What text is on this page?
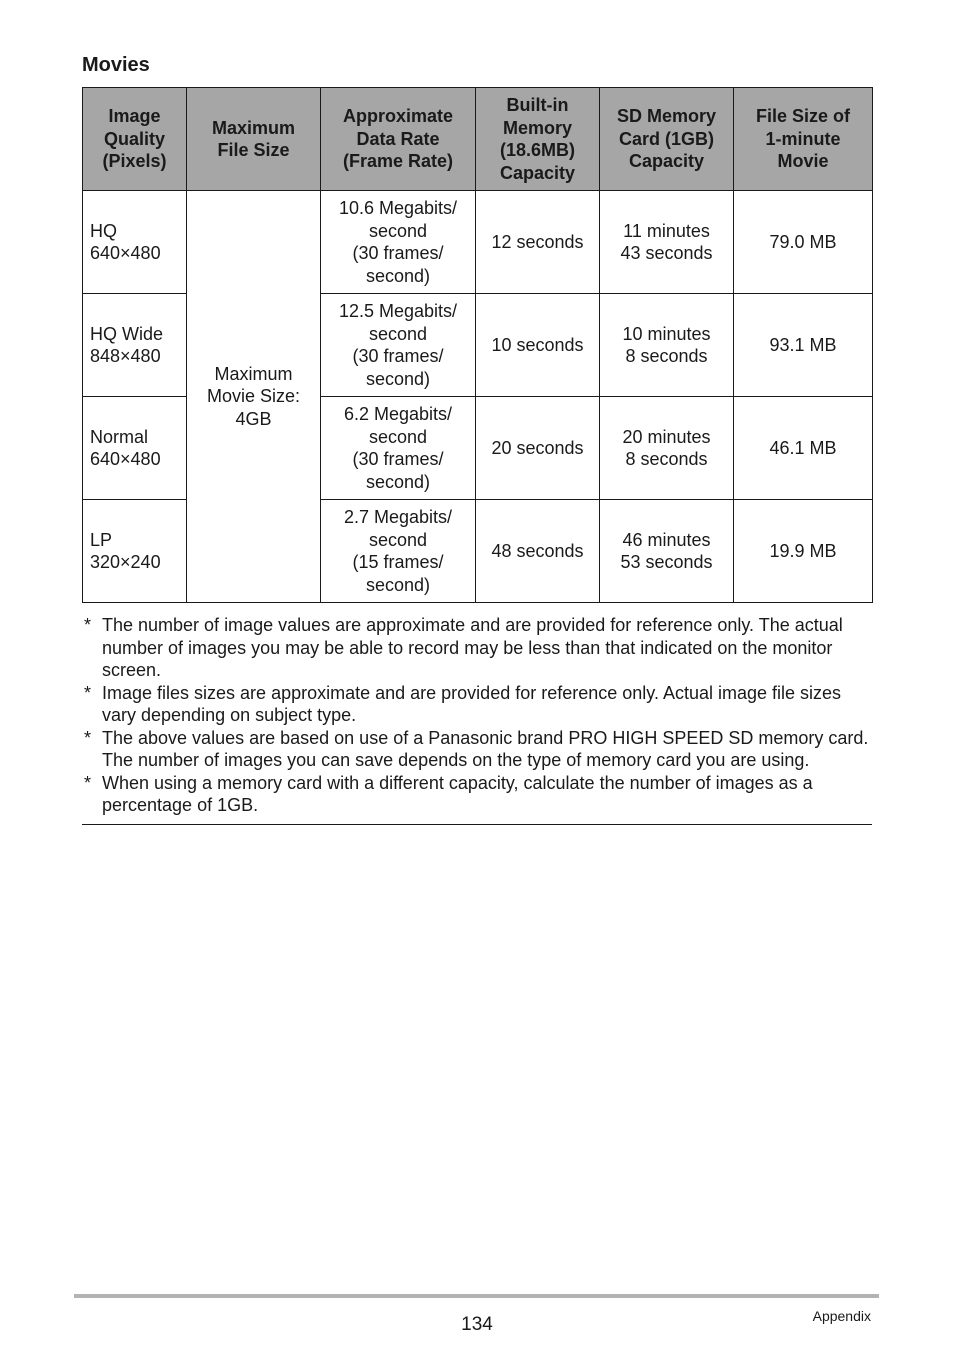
Movies
Image
Quality
(Pixels)	Maximum
File Size	Approximate
Data Rate
(Frame Rate)	Built-in
Memory
(18.6MB)
Capacity	SD Memory
Card (1GB)
Capacity	File Size of
1-minute
Movie
HQ
640×480	Maximum
Movie Size:
4GB	10.6 Megabits/
second
(30 frames/
second)	12 seconds	11 minutes
43 seconds	79.0 MB
HQ Wide
848×480		12.5 Megabits/
second
(30 frames/
second)	10 seconds	10 minutes
8 seconds	93.1 MB
Normal
640×480		6.2 Megabits/
second
(30 frames/
second)	20 seconds	20 minutes
8 seconds	46.1 MB
LP
320×240		2.7 Megabits/
second
(15 frames/
second)	48 seconds	46 minutes
53 seconds	19.9 MB
* The number of image values are approximate and are provided for reference only. The actual number of images you may be able to record may be less than that indicated on the monitor screen.
* Image files sizes are approximate and are provided for reference only. Actual image file sizes vary depending on subject type.
* The above values are based on use of a Panasonic brand PRO HIGH SPEED SD memory card. The number of images you can save depends on the type of memory card you are using.
* When using a memory card with a different capacity, calculate the number of images as a percentage of 1GB.
134	Appendix
